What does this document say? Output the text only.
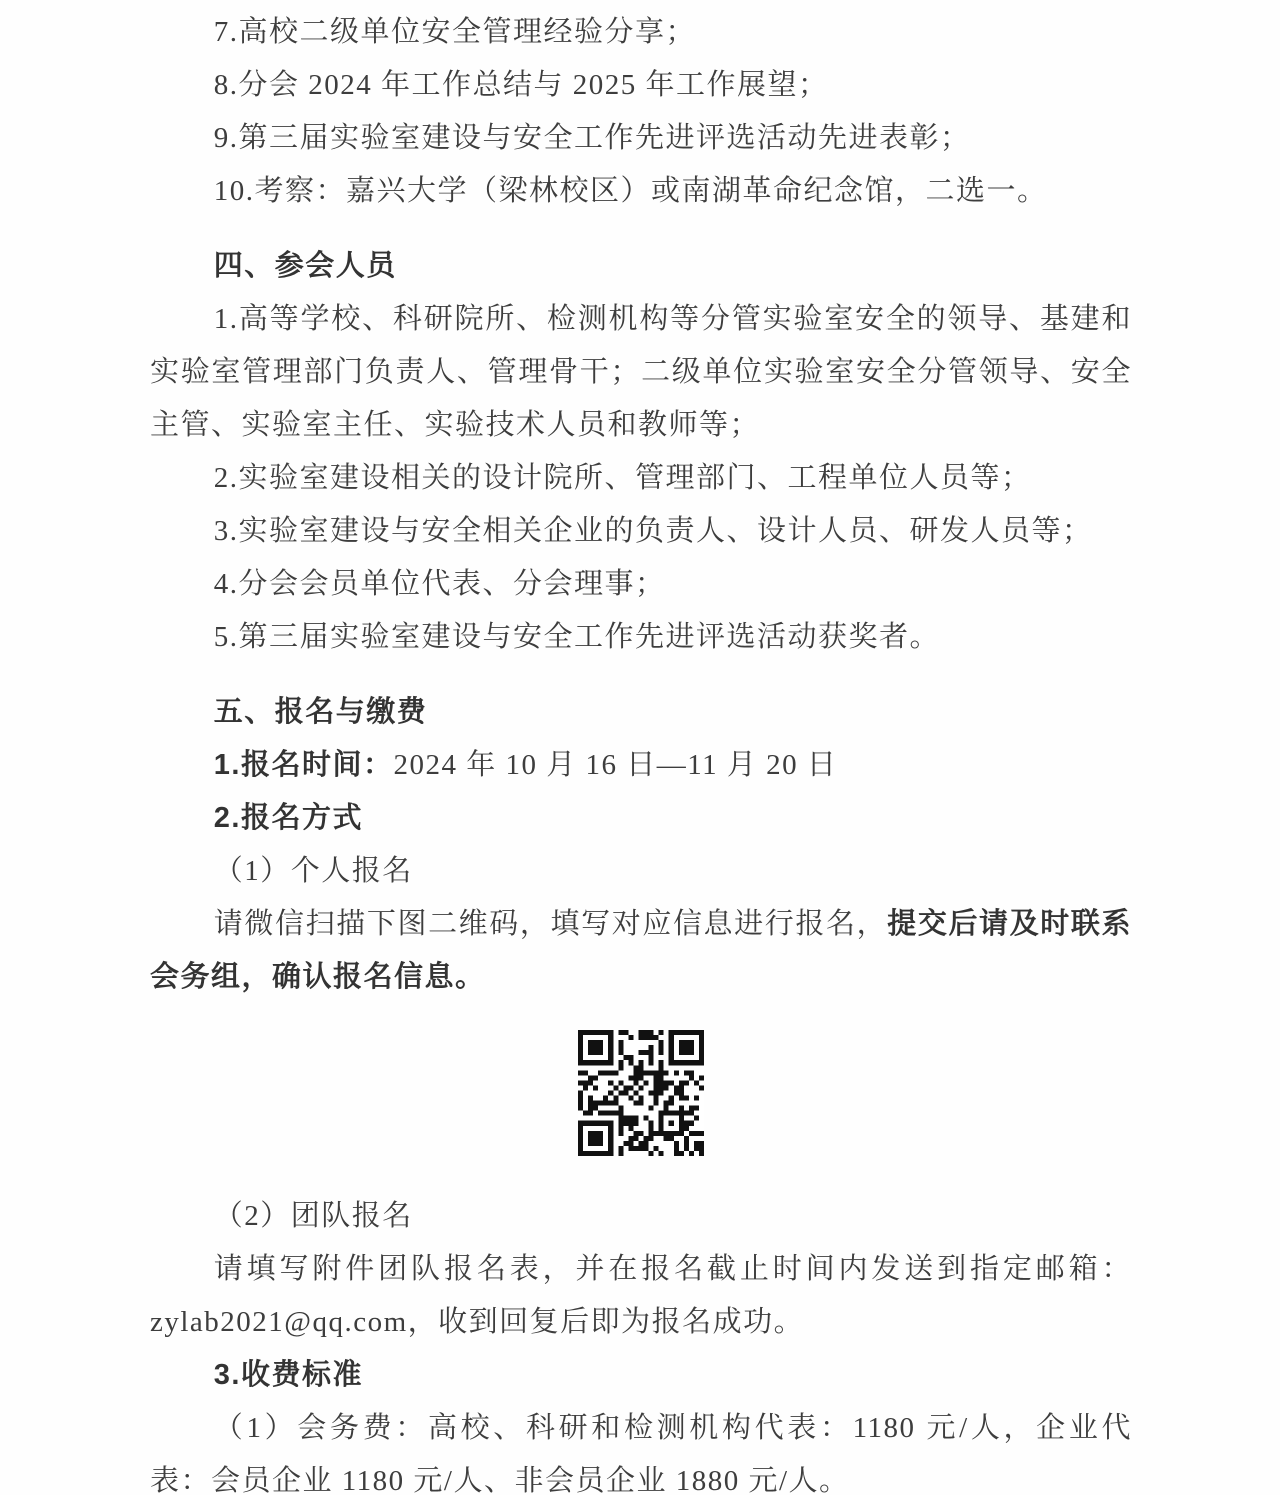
7.高校二级单位安全管理经验分享；

8.分会 2024 年工作总结与 2025 年工作展望；

9.第三届实验室建设与安全工作先进评选活动先进表彰；

10.考察：嘉兴大学（梁林校区）或南湖革命纪念馆，二选一。

四、参会人员

1.高等学校、科研院所、检测机构等分管实验室安全的领导、基建和实验室管理部门负责人、管理骨干；二级单位实验室安全分管领导、安全主管、实验室主任、实验技术人员和教师等；

2.实验室建设相关的设计院所、管理部门、工程单位人员等；

3.实验室建设与安全相关企业的负责人、设计人员、研发人员等；

4.分会会员单位代表、分会理事；

5.第三届实验室建设与安全工作先进评选活动获奖者。

五、报名与缴费

1.报名时间：2024 年 10 月 16 日—11 月 20 日

2.报名方式

（1）个人报名

请微信扫描下图二维码，填写对应信息进行报名，提交后请及时联系会务组，确认报名信息。

（2）团队报名

请填写附件团队报名表，并在报名截止时间内发送到指定邮箱：zylab2021@qq.com，收到回复后即为报名成功。

3.收费标准

（1）会务费：高校、科研和检测机构代表：1180 元/人，企业代表：会员企业 1180 元/人、非会员企业 1880 元/人。
